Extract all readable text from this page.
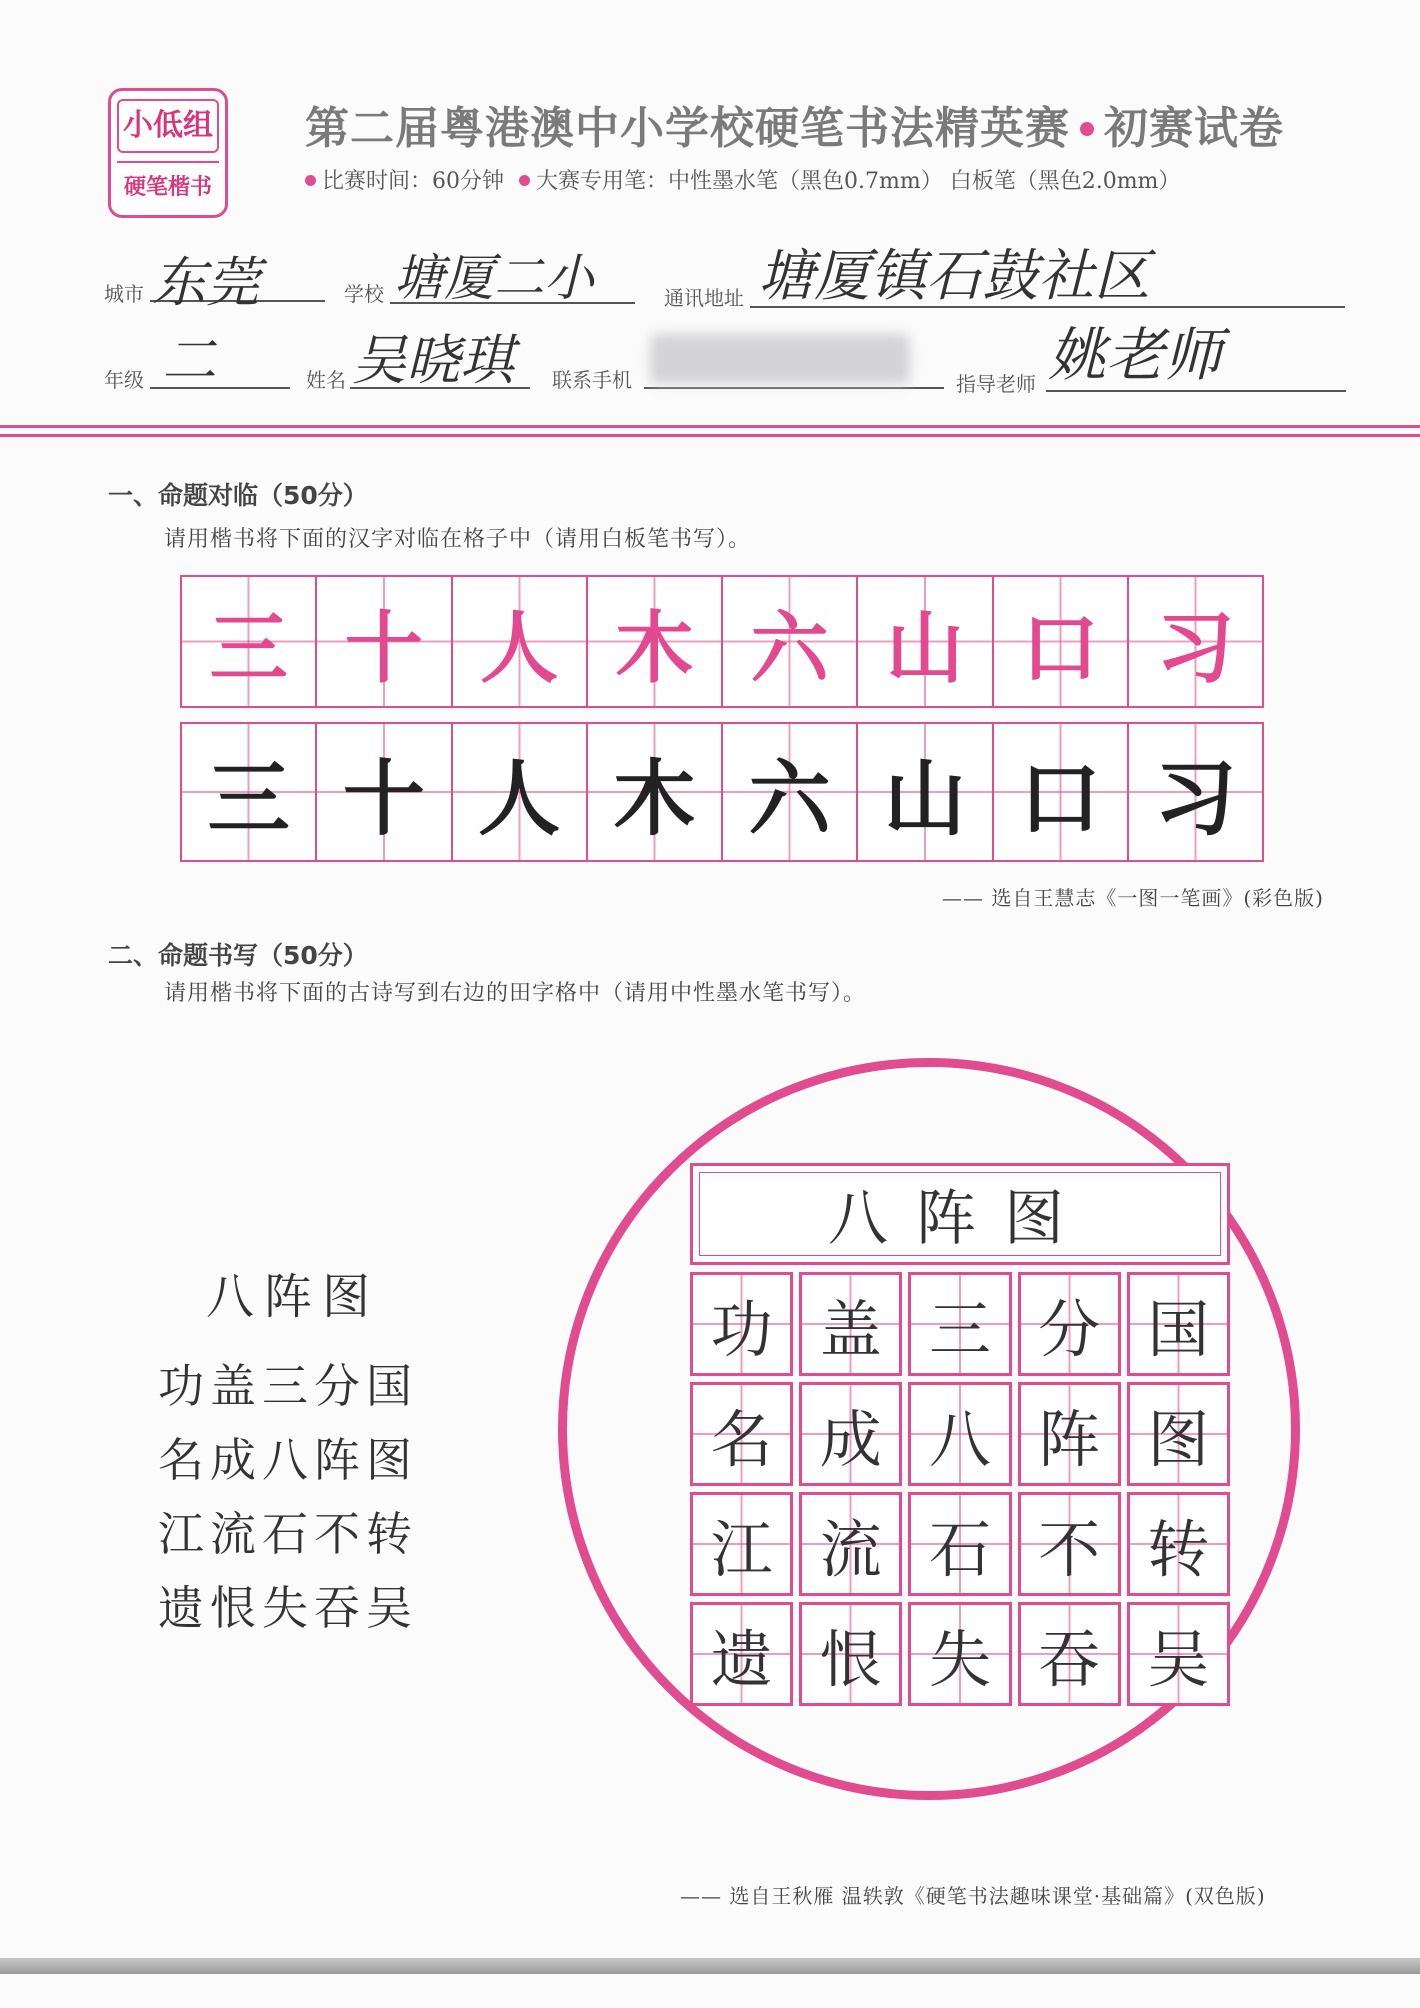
小低组
硬笔楷书
第二届粤港澳中小学校硬笔书法精英赛 初赛试卷
比赛时间：60分钟 大赛专用笔：中性墨水笔（黑色0.7mm） 白板笔（黑色2.0mm）
城市 东莞	学校 塘厦二小	通讯地址 塘厦镇石鼓社区
年级 二	姓名 吴晓琪 联系手机	指导老师 姚老师
一、命题对临（50分）
请用楷书将下面的汉字对临在格子中（请用白板笔书写）。
三 十 人 木 六 山 口 习
三 十 人 木 六 山 口 习
—— 选自王慧志《一图一笔画》(彩色版)
二、命题书写（50分）
请用楷书将下面的古诗写到右边的田字格中（请用中性墨水笔书写）。
八阵图
功盖三分国
名成八阵图
江流石不转
遗恨失吞吴
八阵图
功 盖 三 分 国
名 成 八 阵 图
江 流 石 不 转
遗 恨 失 吞 吴
—— 选自王秋雁 温轶敦《硬笔书法趣味课堂·基础篇》(双色版)
